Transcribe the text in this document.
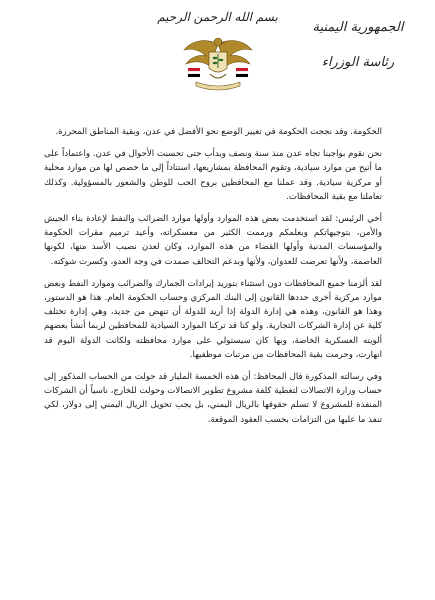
بسم الله الرحمن الرحيم
الجمهورية اليمنية
رئاسة الوزراء

الحكومة. وقد نجحت الحكومة في تغيير الوضع نحو الأفضل في عدن، وبقية المناطق المحررة.

نحن نقوم بواجبنا تجاه عدن منذ سنة ونصف وبدأب حتى تحسنت الأحوال في عدن. واعتماداً على ما أتيح من موارد سيادية، وتقوم المحافظة بمشاريعها، استناداً إلى ما خصص لها من موارد محلية أو مركزية سيادية. وقد عملنا مع المحافظين بروح الحب للوطن والشعور بالمسؤولية. وكذلك تعاملنا مع بقية المحافظات.

أخي الرئيس: لقد استخدمت بعض هذه الموارد وأولها موارد الضرائب والنفط لإعادة بناء الجيش والأمن، بتوجيهاتكم وبعلمكم ورممت الكثير من معسكراته، وأعيد ترميم مقرات الحكومة والمؤسسات المدنية وأولها القضاء من هذه الموارد، وكان لعدن نصيب الأسد منها، لكونها العاصمة، ولأنها تعرضت للعدوان، ولأنها وبدعم التحالف صمدت في وجه العدو، وكسرت شوكته.

لقد ألزمنا جميع المحافظات دون استثناء بتوريد إيرادات الجمارك والضرائب وموارد النفط وبعض موارد مركزية أخرى حددها القانون إلى البنك المركزي وحساب الحكومة العام. هذا هو الدستور، وهذا هو القانون، وهذه هي إدارة الدولة إذا أريد للدولة أن تنهض من جديد، وهي إدارة تختلف كلية عن إدارة الشركات التجارية. ولو كنا قد تركنا الموارد السيادية للمحافظين لربما أنشأ بعضهم ألويته العسكرية الخاصة، وبها كان سيستولي على موارد محافظته ولكانت الدولة اليوم قد انهارت، وحرمت بقية المحافظات من مرتبات موظفيها.

وفي رسالته المذكورة قال المحافظ: أن هذه الخمسة المليار قد حولت من الحساب المذكور إلى حساب وزارة الاتصالات لتغطية كلفة مشروع تطوير الاتصالات وحولت للخارج، ناسياً أن الشركات المنفذة للمشروع لا تسلم حقوقها بالريال اليمني، بل يجب تحويل الريال اليمني إلى دولار، لكي تنفذ ما عليها من التزامات بحسب العقود الموقعة.
